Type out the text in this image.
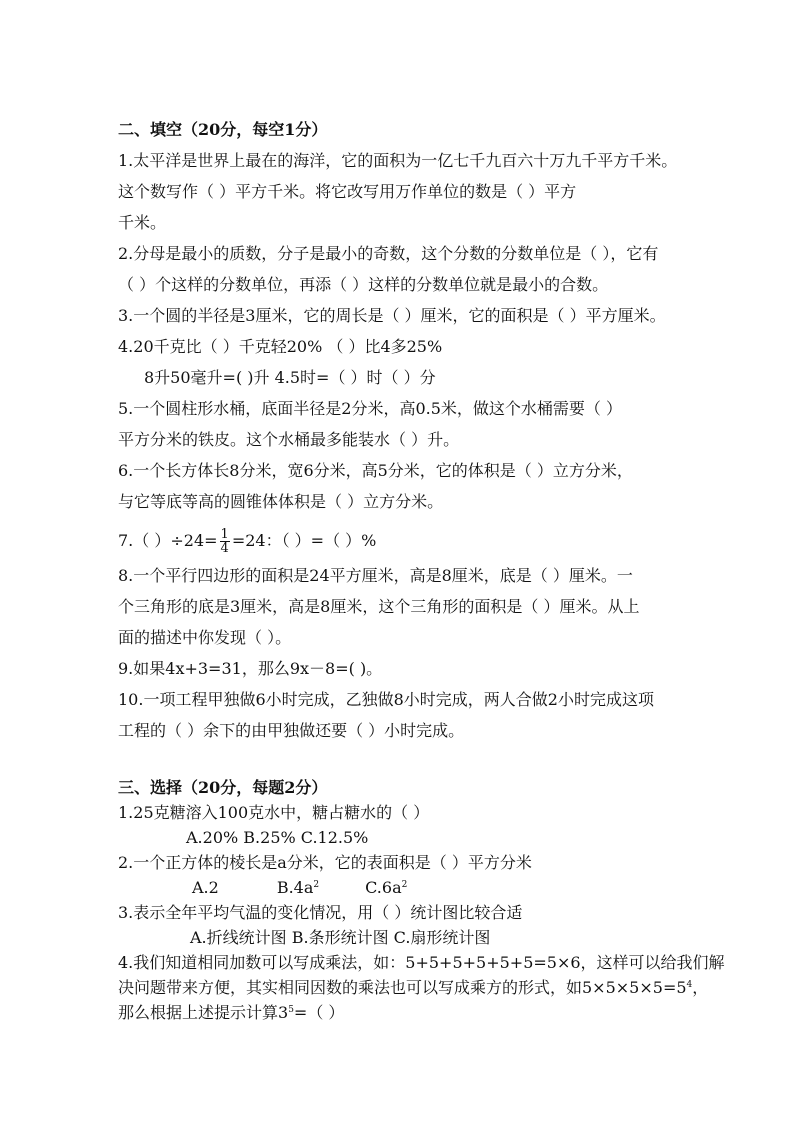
二、填空（20分，每空1分）
1.太平洋是世界上最在的海洋，它的面积为一亿七千九百六十万九千平方千米。
这个数写作（ ）平方千米。将它改写用万作单位的数是（ ）平方
千米。
2.分母是最小的质数，分子是最小的奇数，这个分数的分数单位是（ ），它有
（ ）个这样的分数单位，再添（ ）这样的分数单位就是最小的合数。
3.一个圆的半径是3厘米，它的周长是（ ）厘米，它的面积是（ ）平方厘米。
4.20千克比（ ）千克轻20% （ ）比4多25%
8升50毫升=( )升 4.5时=（ ）时（ ）分
5.一个圆柱形水桶，底面半径是2分米，高0.5米，做这个水桶需要（ ）
平方分米的铁皮。这个水桶最多能装水（ ）升。
6.一个长方体长8分米，宽6分米，高5分米，它的体积是（ ）立方分米，
与它等底等高的圆锥体体积是（ ）立方分米。
7.（ ）$\div 24= \frac{1}{4} =24$：（ ）=（ ）%
8.一个平行四边形的面积是24平方厘米，高是8厘米，底是（ ）厘米。一
个三角形的底是3厘米，高是8厘米，这个三角形的面积是（ ）厘米。从上
面的描述中你发现（ ）。
9.如果4x+3=31，那么9x－8=( )。
10.一项工程甲独做6小时完成，乙独做8小时完成，两人合做2小时完成这项
工程的（ ）余下的由甲独做还要（ ）小时完成。
三、选择（20分，每题2分）
1.25克糖溶入100克水中，糖占糖水的（ ）
A.20% B.25% C.12.5%
2.一个正方体的棱长是a分米，它的表面积是（ ）平方分米
A.2	$B.4a^2$	$C.6a^2$
3.表示全年平均气温的变化情况，用（ ）统计图比较合适
A.折线统计图 B.条形统计图 C.扇形统计图
4.我们知道相同加数可以写成乘法，如：5+5+5+5+5+5=5×6，这样可以给我们解
决问题带来方便，其实相同因数的乘法也可以写成乘方的形式，如$5\times 5\times 5\times 5=5^4$，
那么根据上述提示计算$3^5=$（ ）
